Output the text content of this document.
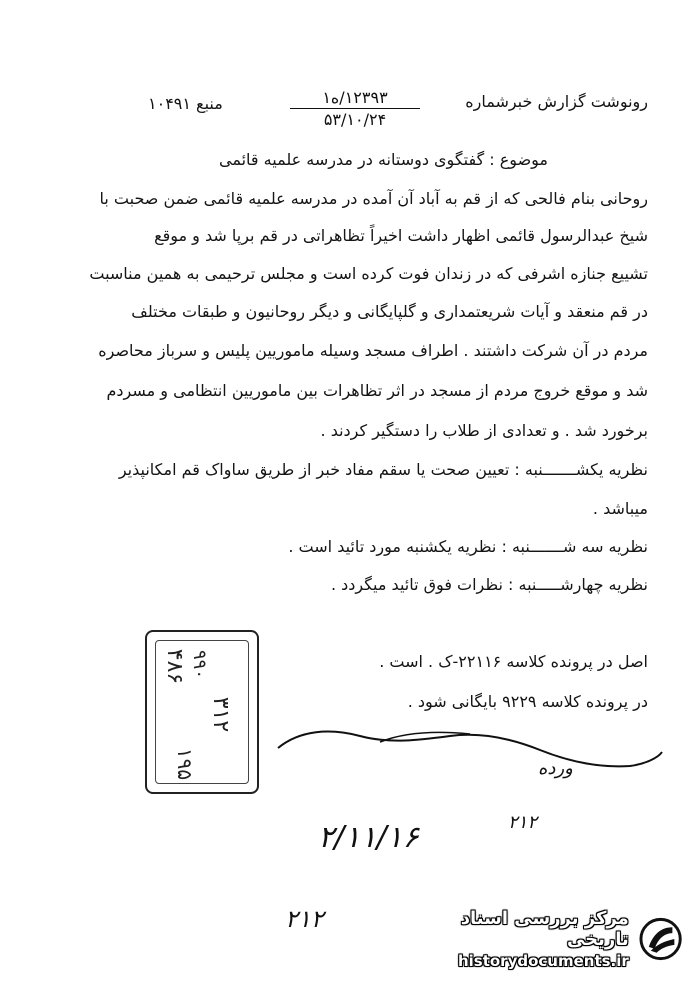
رونوشت گزارش خبرشماره
۱۲۳۹۳/ه۱
۵۳/۱۰/۲۴
منبع ۱۰۴۹۱
موضوع : گفتگوی دوستانه در مدرسه علمیه قائمی
روحانی بنام فالحی که از قم به آباد آن آمده در مدرسه علمیه قائمی ضمن صحبت با
شیخ عبدالرسول قائمی اظهار داشت اخیراً تظاهراتی در قم برپا شد و موقع
تشییع جنازه اشرفی که در زندان فوت کرده است و مجلس ترحیمی به همین مناسبت
در قم منعقد و آیات شریعتمداری و گلپایگانی و دیگر روحانیون و طبقات مختلف
مردم در آن شرکت داشتند . اطراف مسجد وسیله ماموریین پلیس و سرباز محاصره
شد و موقع خروج مردم از مسجد در اثر تظاهرات بین ماموریین انتظامی و مسردم
برخورد شد . و تعدادی از طلاب را دستگیر کردند .
نظریه یکشـــــــنبه : تعیین صحت یا سقم مفاد خبر از طریق ساواک قم امکانپذیر
میباشد .
نظریه سه شـــــــنبه : نظریه یکشنبه مورد تائید است .
نظریه چهارشـــــنبه : نظرات فوق تائید میگردد .
اصل در پرونده کلاسه ۲۲۱۱۶-ک . است .
در پرونده کلاسه ۹۲۲۹ بایگانی شود .
۴۸۶ ۹۹۰
۳۱۲
۱۹۵	ورده
۲/۱۱/۱۶	۲۱۲
۲۱۲	مرکز بررسی اسناد تاریخی
historydocuments.ir
